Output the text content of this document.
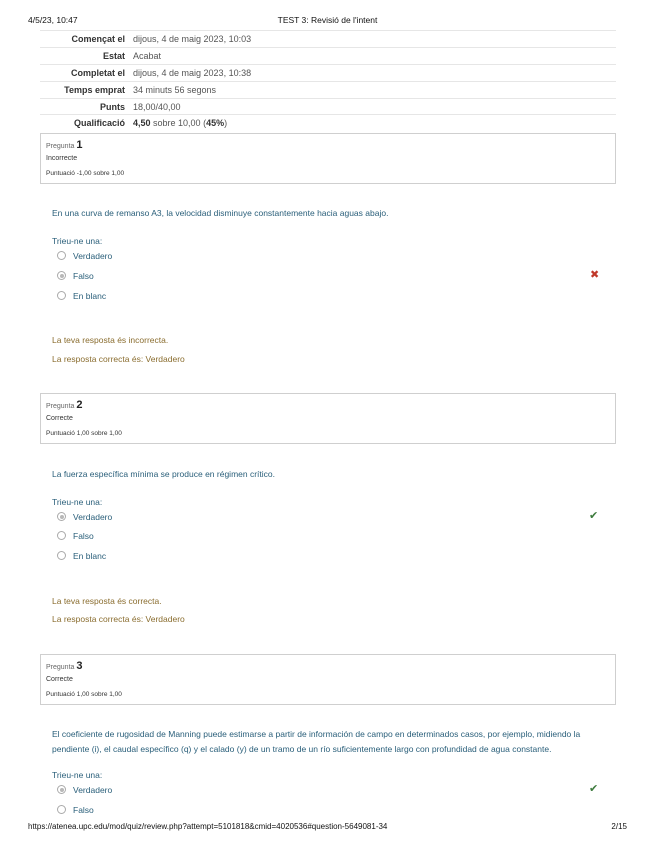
4/5/23, 10:47	TEST 3: Revisió de l'intent
Començat el	dijous, 4 de maig 2023, 10:03
Estat	Acabat
Completat el	dijous, 4 de maig 2023, 10:38
Temps emprat	34 minuts 56 segons
Punts	18,00/40,00
Qualificació	4,50 sobre 10,00 (45%)
Pregunta 1
Incorrecte
Puntuació -1,00 sobre 1,00
En una curva de remanso A3, la velocidad disminuye constantemente hacia aguas abajo.
Trieu-ne una:
Verdadero
Falso
En blanc
✖
La teva resposta és incorrecta.
La resposta correcta és: Verdadero
Pregunta 2
Correcte
Puntuació 1,00 sobre 1,00
La fuerza específica mínima se produce en régimen crítico.
Trieu-ne una:
Verdadero
Falso
En blanc
✔
La teva resposta és correcta.
La resposta correcta és: Verdadero
Pregunta 3
Correcte
Puntuació 1,00 sobre 1,00
El coeficiente de rugosidad de Manning puede estimarse a partir de información de campo en determinados casos, por ejemplo, midiendo la pendiente (i), el caudal específico (q) y el calado (y) de un tramo de un río suficientemente largo con profundidad de agua constante.
Trieu-ne una:
Verdadero
Falso
✔
https://atenea.upc.edu/mod/quiz/review.php?attempt=5101818&cmid=4020536#question-5649081-34	2/15
